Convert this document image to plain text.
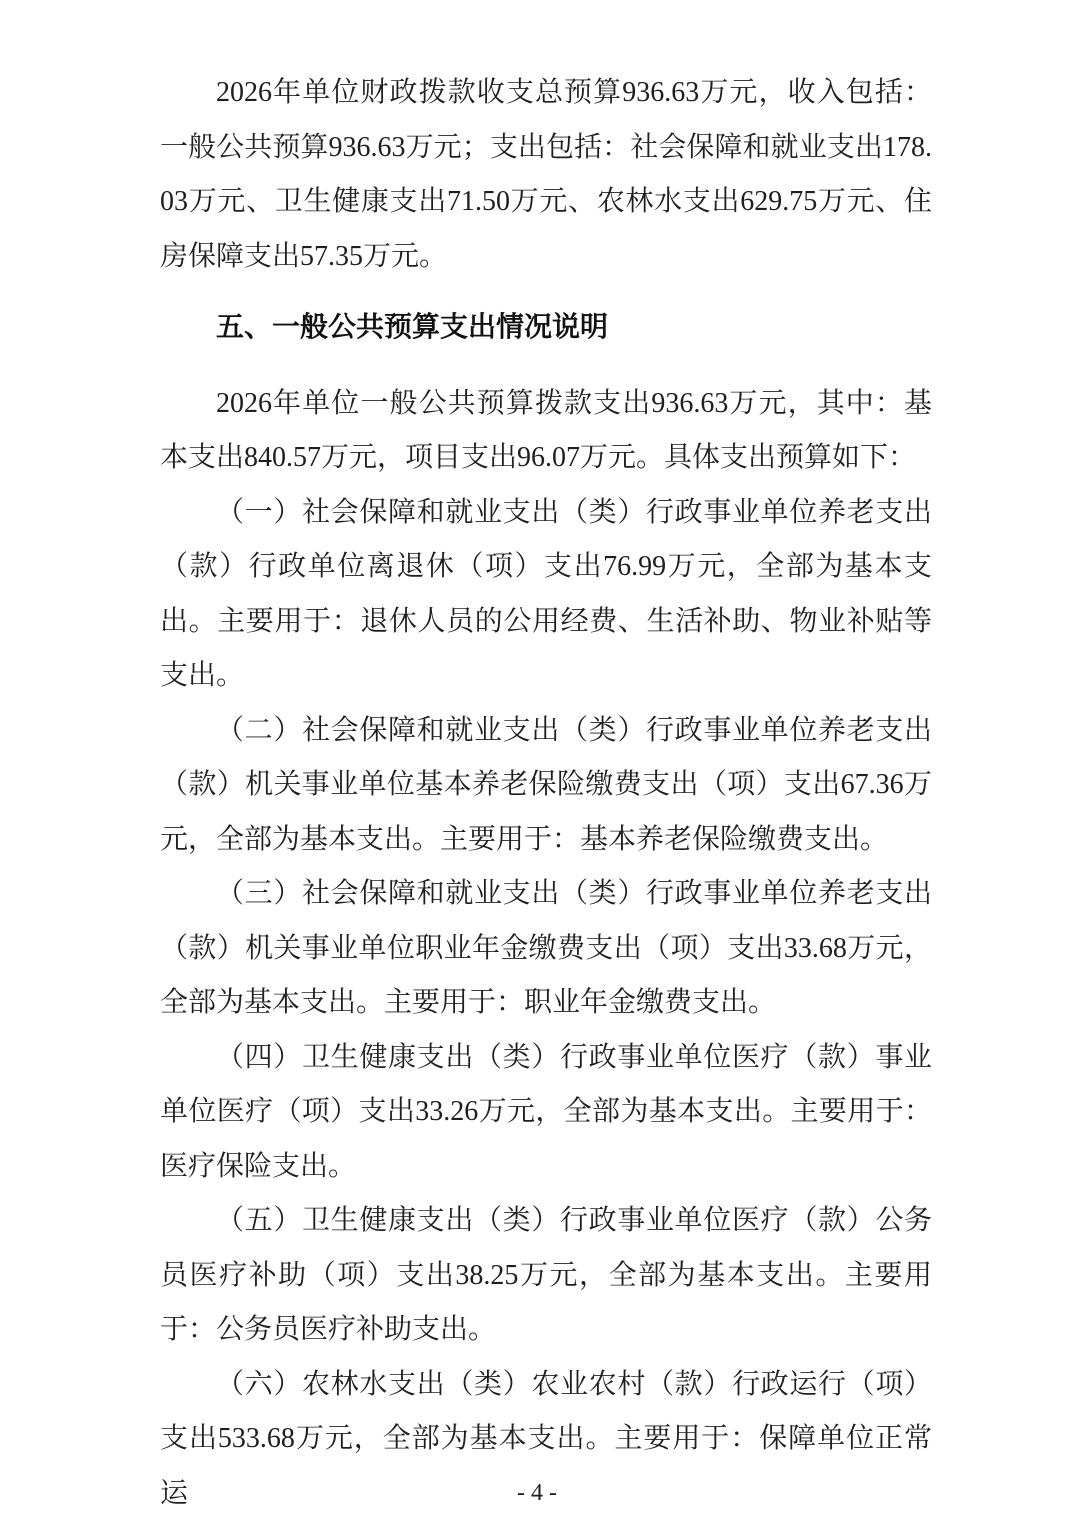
2026年单位财政拨款收支总预算936.63万元，收入包括：一般公共预算936.63万元；支出包括：社会保障和就业支出178.03万元、卫生健康支出71.50万元、农林水支出629.75万元、住房保障支出57.35万元。

五、一般公共预算支出情况说明

2026年单位一般公共预算拨款支出936.63万元，其中：基本支出840.57万元，项目支出96.07万元。具体支出预算如下：

（一）社会保障和就业支出（类）行政事业单位养老支出（款）行政单位离退休（项）支出76.99万元，全部为基本支出。主要用于：退休人员的公用经费、生活补助、物业补贴等支出。

（二）社会保障和就业支出（类）行政事业单位养老支出（款）机关事业单位基本养老保险缴费支出（项）支出67.36万元，全部为基本支出。主要用于：基本养老保险缴费支出。

（三）社会保障和就业支出（类）行政事业单位养老支出（款）机关事业单位职业年金缴费支出（项）支出33.68万元，全部为基本支出。主要用于：职业年金缴费支出。

（四）卫生健康支出（类）行政事业单位医疗（款）事业单位医疗（项）支出33.26万元，全部为基本支出。主要用于：医疗保险支出。

（五）卫生健康支出（类）行政事业单位医疗（款）公务员医疗补助（项）支出38.25万元，全部为基本支出。主要用于：公务员医疗补助支出。

（六）农林水支出（类）农业农村（款）行政运行（项）支出533.68万元，全部为基本支出。主要用于：保障单位正常运	- 4 -
